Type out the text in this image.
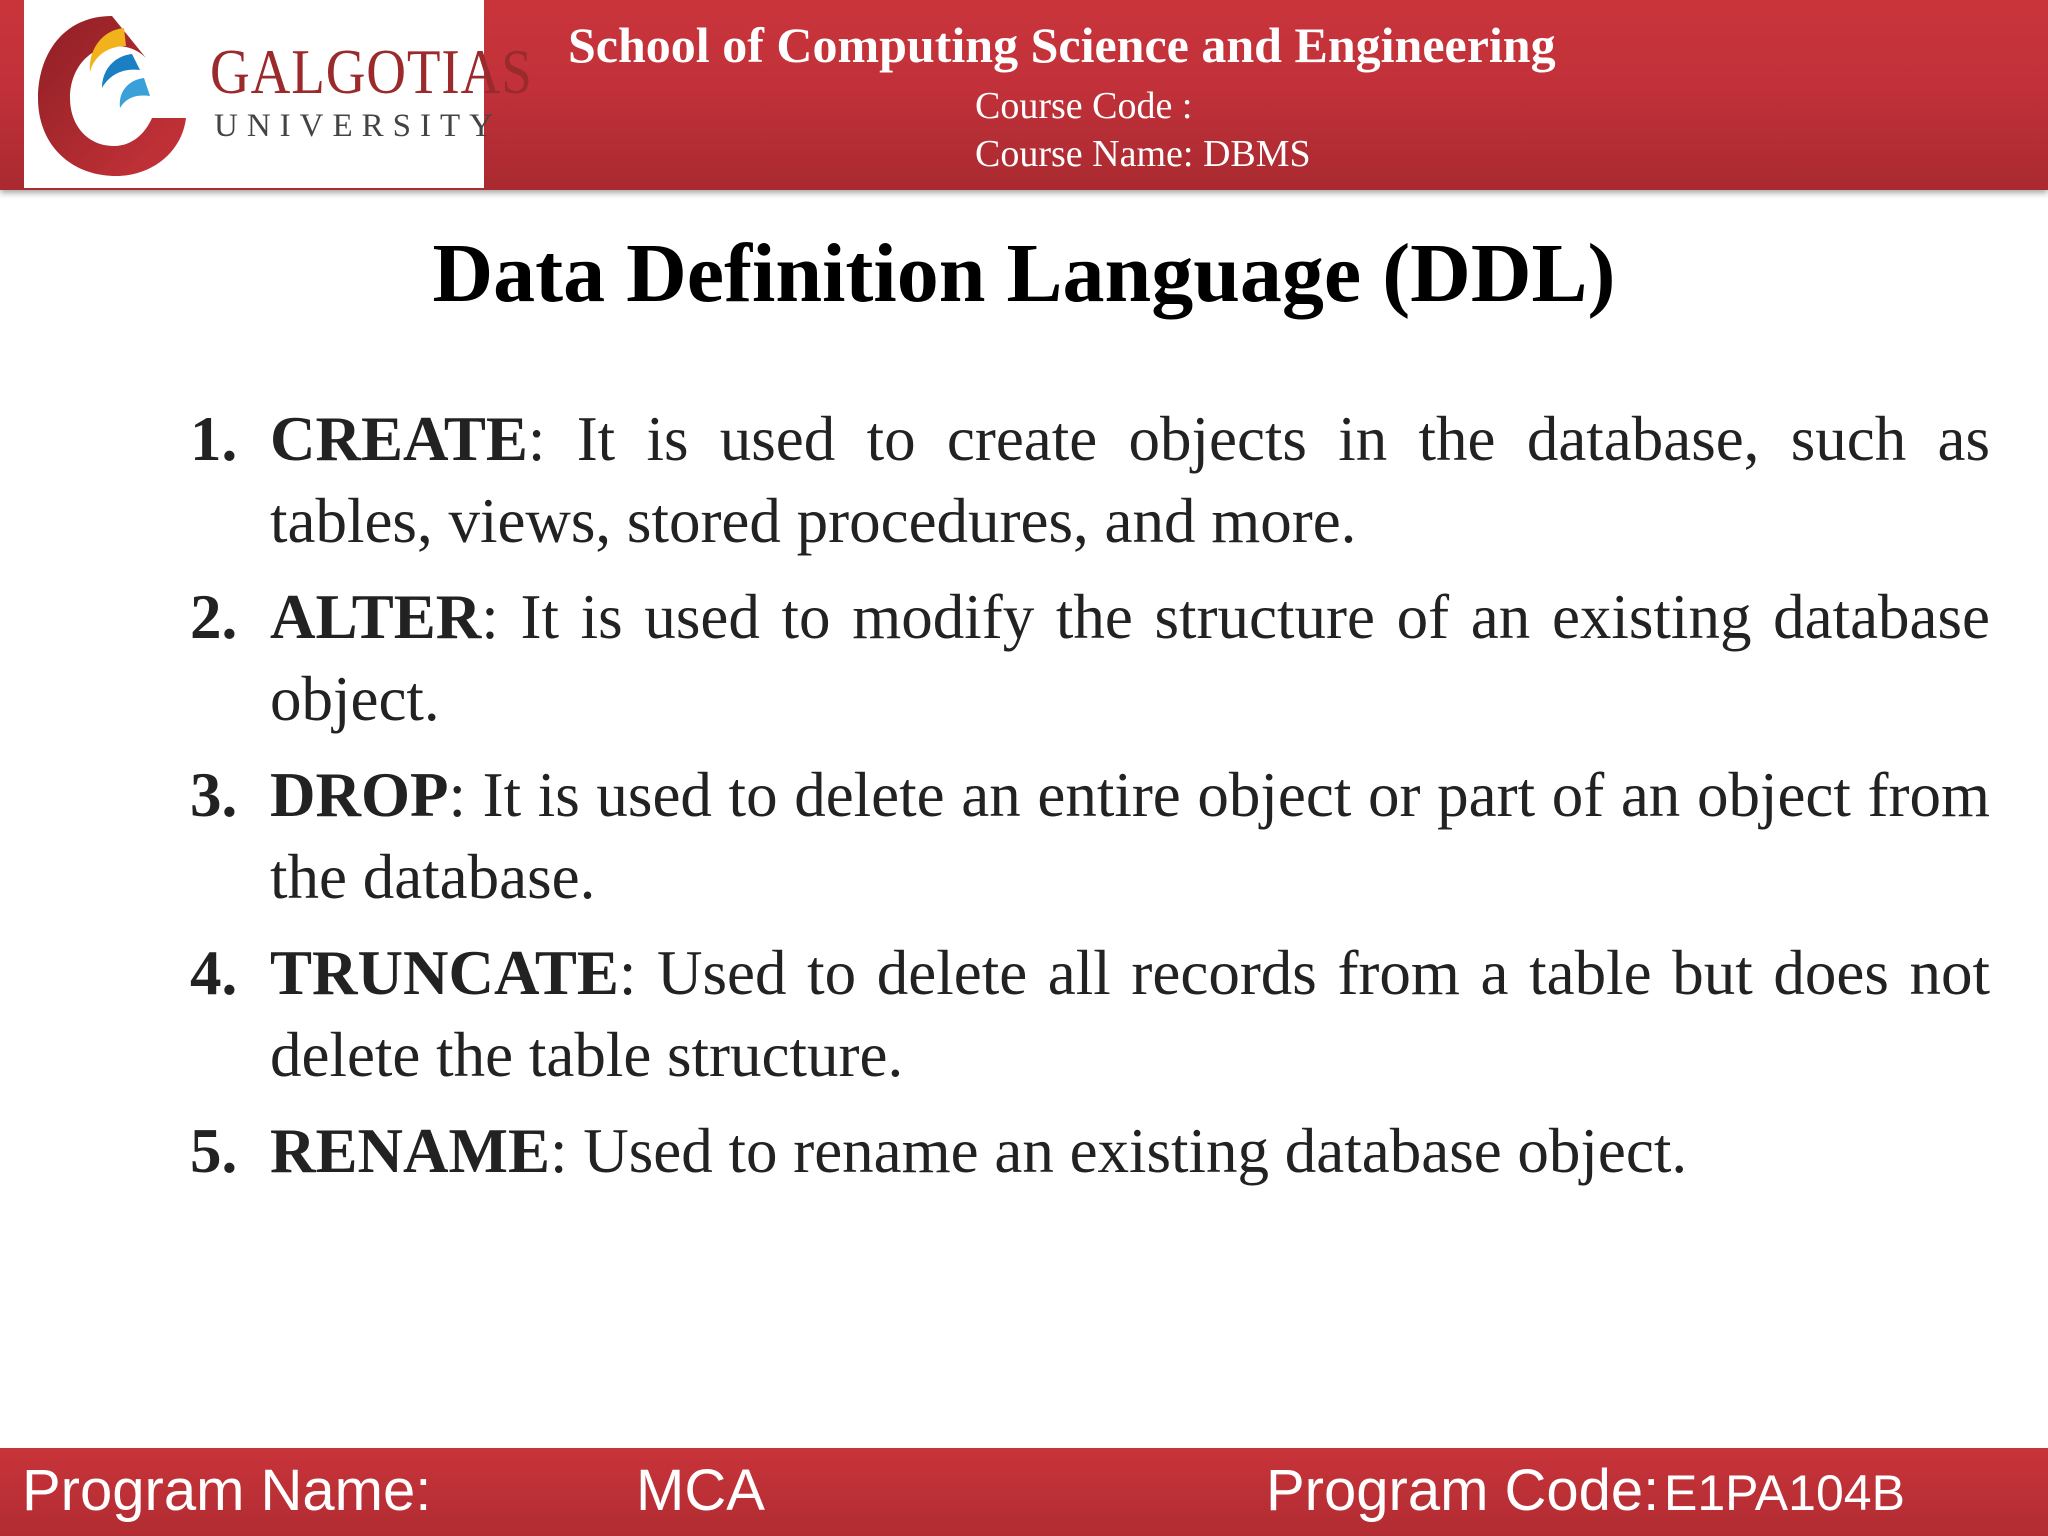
GALGOTIAS
UNIVERSITY
School of Computing Science and Engineering
Course Code :
Course Name: DBMS
Data Definition Language (DDL)
1. CREATE: It is used to create objects in the database, such as tables, views, stored procedures, and more.
2. ALTER: It is used to modify the structure of an existing database object.
3. DROP: It is used to delete an entire object or part of an object from the database.
4. TRUNCATE: Used to delete all records from a table but does not delete the table structure.
5. RENAME: Used to rename an existing database object.
Program Name:	MCA	Program Code: E1PA104B
